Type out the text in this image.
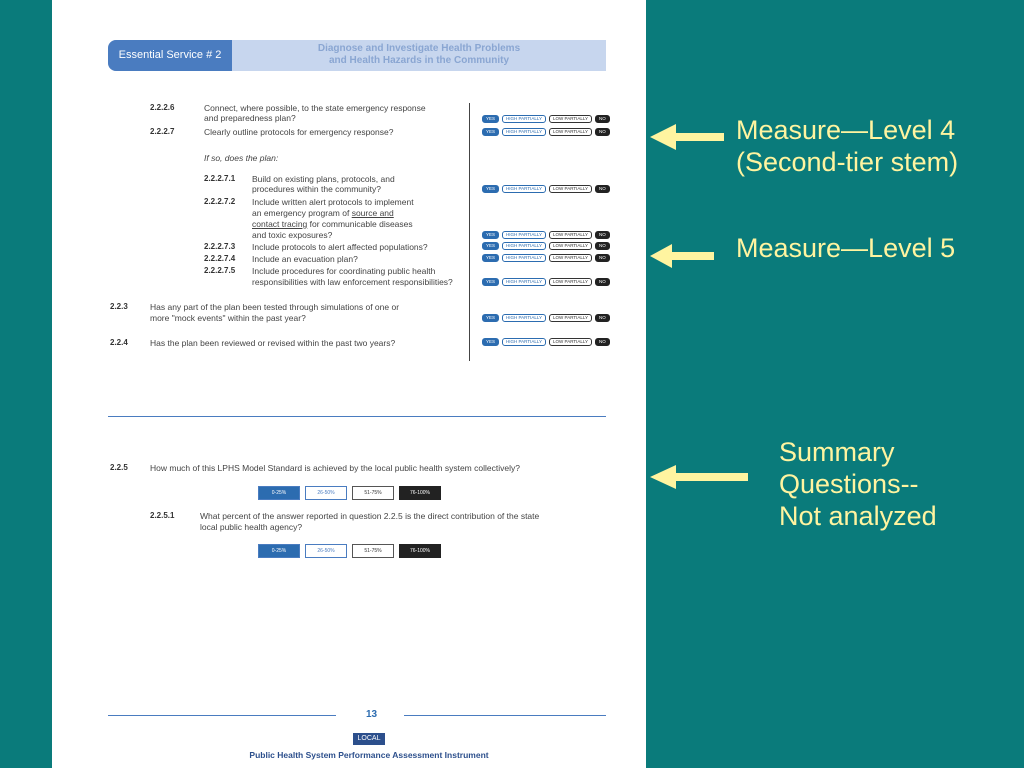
Essential Service # 2
Diagnose and Investigate Health Problems
and Health Hazards in the Community
2.2.2.6	Connect, where possible, to the state emergency response
and preparedness plan?	YES	HIGH PARTIALLY	LOW PARTIALLY	NO
2.2.2.7	Clearly outline protocols for emergency response?	YES	HIGH PARTIALLY	LOW PARTIALLY	NO
If so, does the plan:
2.2.2.7.1 Build on existing plans, protocols, and
procedures within the community?	YES	HIGH PARTIALLY	LOW PARTIALLY	NO
2.2.2.7.2 Include written alert protocols to implement
an emergency program of source and
contact tracing for communicable diseases
and toxic exposures?	YES	HIGH PARTIALLY	LOW PARTIALLY	NO
2.2.2.7.3 Include protocols to alert affected populations?	YES	HIGH PARTIALLY	LOW PARTIALLY	NO
2.2.2.7.4 Include an evacuation plan?	YES	HIGH PARTIALLY	LOW PARTIALLY	NO
2.2.2.7.5 Include procedures for coordinating public health
responsibilities with law enforcement responsibilities?	YES	HIGH PARTIALLY	LOW PARTIALLY	NO
2.2.3	Has any part of the plan been tested through simulations of one or
more "mock events" within the past year?	YES	HIGH PARTIALLY	LOW PARTIALLY	NO
2.2.4	Has the plan been reviewed or revised within the past two years?	YES	HIGH PARTIALLY	LOW PARTIALLY	NO
2.2.5	How much of this LPHS Model Standard is achieved by the local public health system collectively?
0-25%	26-50%	51-75%	76-100%
2.2.5.1	What percent of the answer reported in question 2.2.5 is the direct contribution of the state
local public health agency?
0-25%	26-50%	51-75%	76-100%
13
LOCAL
Public Health System Performance Assessment Instrument
Measure—Level 4
(Second-tier stem)
Measure—Level 5
Summary
Questions--
Not analyzed
